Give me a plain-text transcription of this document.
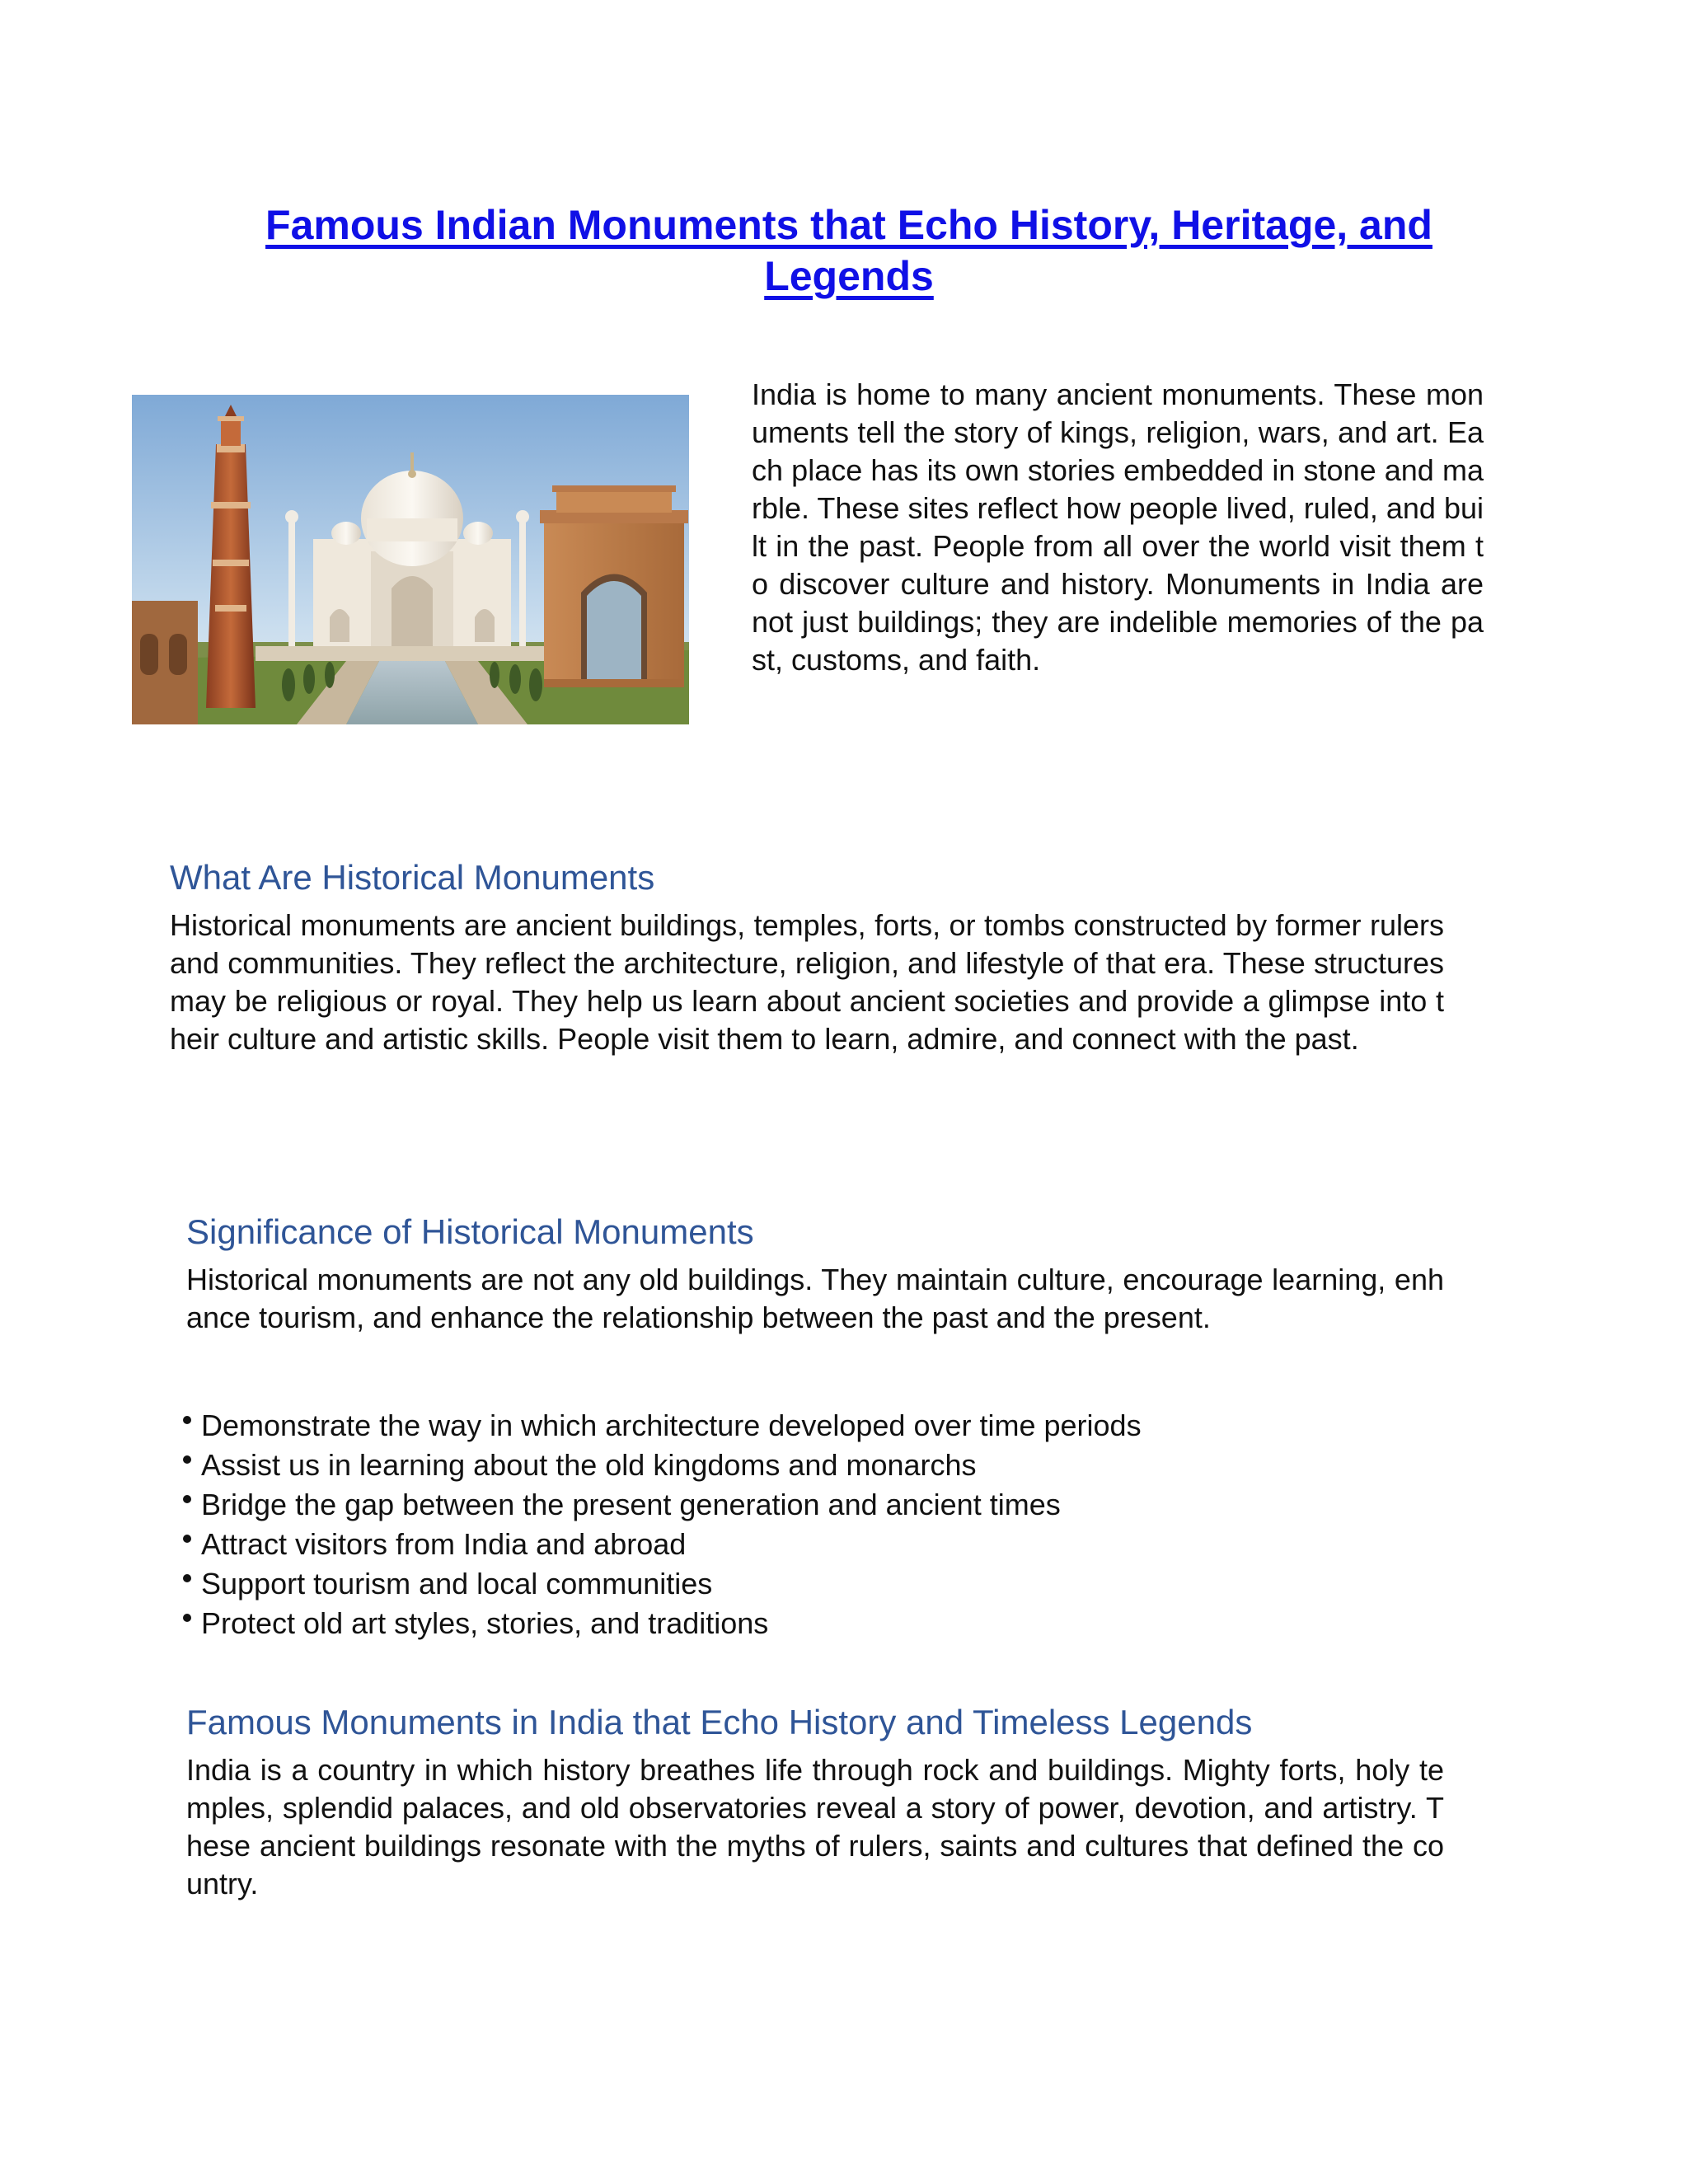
Famous Indian Monuments that Echo History, Heritage, and Legends

India is home to many ancient monuments. These monuments tell the story of kings, religion, wars, and art. Each place has its own stories embedded in stone and marble. These sites reflect how people lived, ruled, and built in the past. People from all over the world visit them to discover culture and history. Monuments in India are not just buildings; they are indelible memories of the past, customs, and faith.

What Are Historical Monuments

Historical monuments are ancient buildings, temples, forts, or tombs constructed by former rulers and communities. They reflect the architecture, religion, and lifestyle of that era. These structures may be religious or royal. They help us learn about ancient societies and provide a glimpse into their culture and artistic skills. People visit them to learn, admire, and connect with the past.

Significance of Historical Monuments

Historical monuments are not any old buildings. They maintain culture, encourage learning, enhance tourism, and enhance the relationship between the past and the present.

Demonstrate the way in which architecture developed over time periods
Assist us in learning about the old kingdoms and monarchs
Bridge the gap between the present generation and ancient times
Attract visitors from India and abroad
Support tourism and local communities
Protect old art styles, stories, and traditions
Famous Monuments in India that Echo History and Timeless Legends

India is a country in which history breathes life through rock and buildings. Mighty forts, holy temples, splendid palaces, and old observatories reveal a story of power, devotion, and artistry. These ancient buildings resonate with the myths of rulers, saints and cultures that defined the country.
